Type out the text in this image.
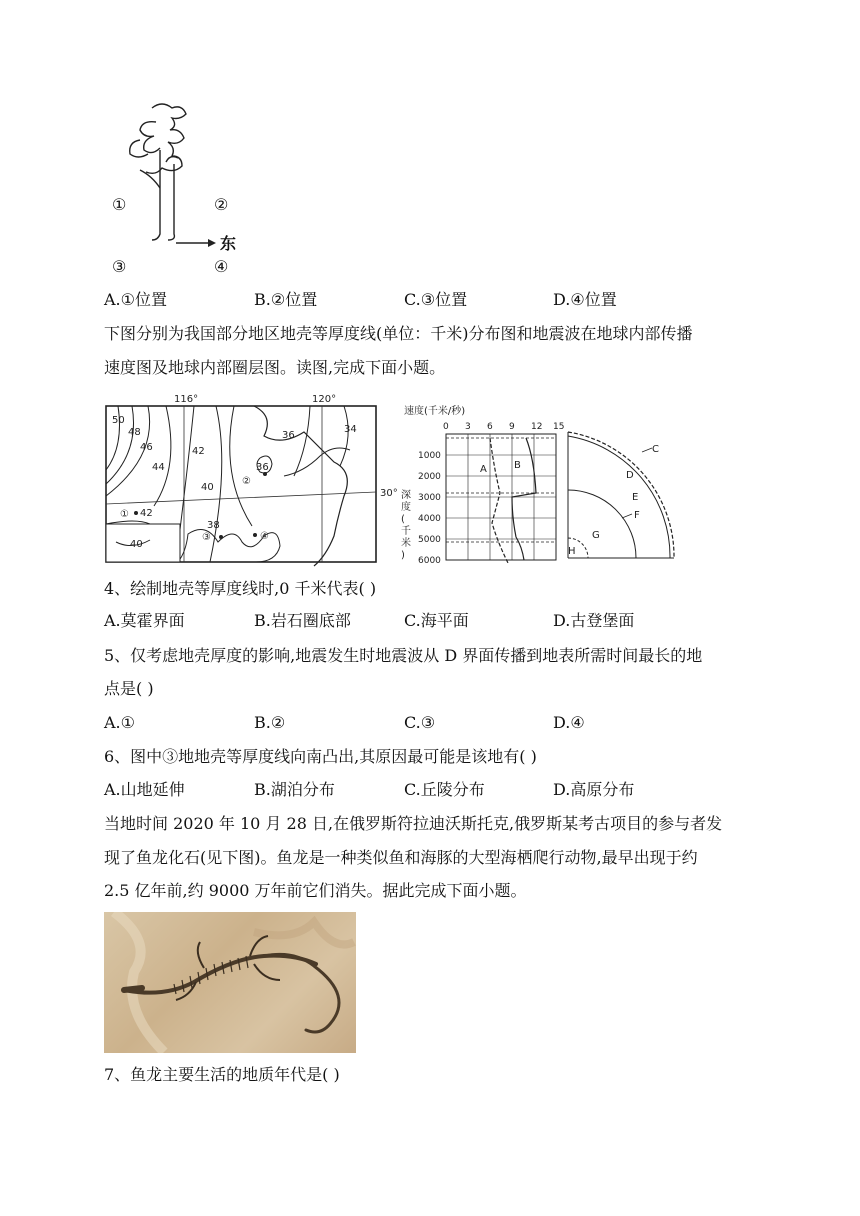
①	②
③	④
东
A.①位置	B.②位置	C.③位置	D.④位置
下图分别为我国部分地区地壳等厚度线(单位：千米)分布图和地震波在地球内部传播
速度图及地球内部圈层图。读图,完成下面小题。
116°	120°
30°
50
48
46
44
42
40
38
36
36
34
42
40
①
②
③	④
速度(千米/秒)
0 3 6 9 12 15
1000
2000
3000
4000
5000
6000
A	B
深
度
(
千
米
)
C
D
E
F
G
H
4、绘制地壳等厚度线时,0 千米代表( )
A.莫霍界面	B.岩石圈底部	C.海平面	D.古登堡面
5、仅考虑地壳厚度的影响,地震发生时地震波从 D 界面传播到地表所需时间最长的地
点是( )
A.①	B.②	C.③	D.④
6、图中③地地壳等厚度线向南凸出,其原因最可能是该地有( )
A.山地延伸	B.湖泊分布	C.丘陵分布	D.高原分布
当地时间 2020 年 10 月 28 日,在俄罗斯符拉迪沃斯托克,俄罗斯某考古项目的参与者发
现了鱼龙化石(见下图)。鱼龙是一种类似鱼和海豚的大型海栖爬行动物,最早出现于约
2.5 亿年前,约 9000 万年前它们消失。据此完成下面小题。
7、鱼龙主要生活的地质年代是( )
